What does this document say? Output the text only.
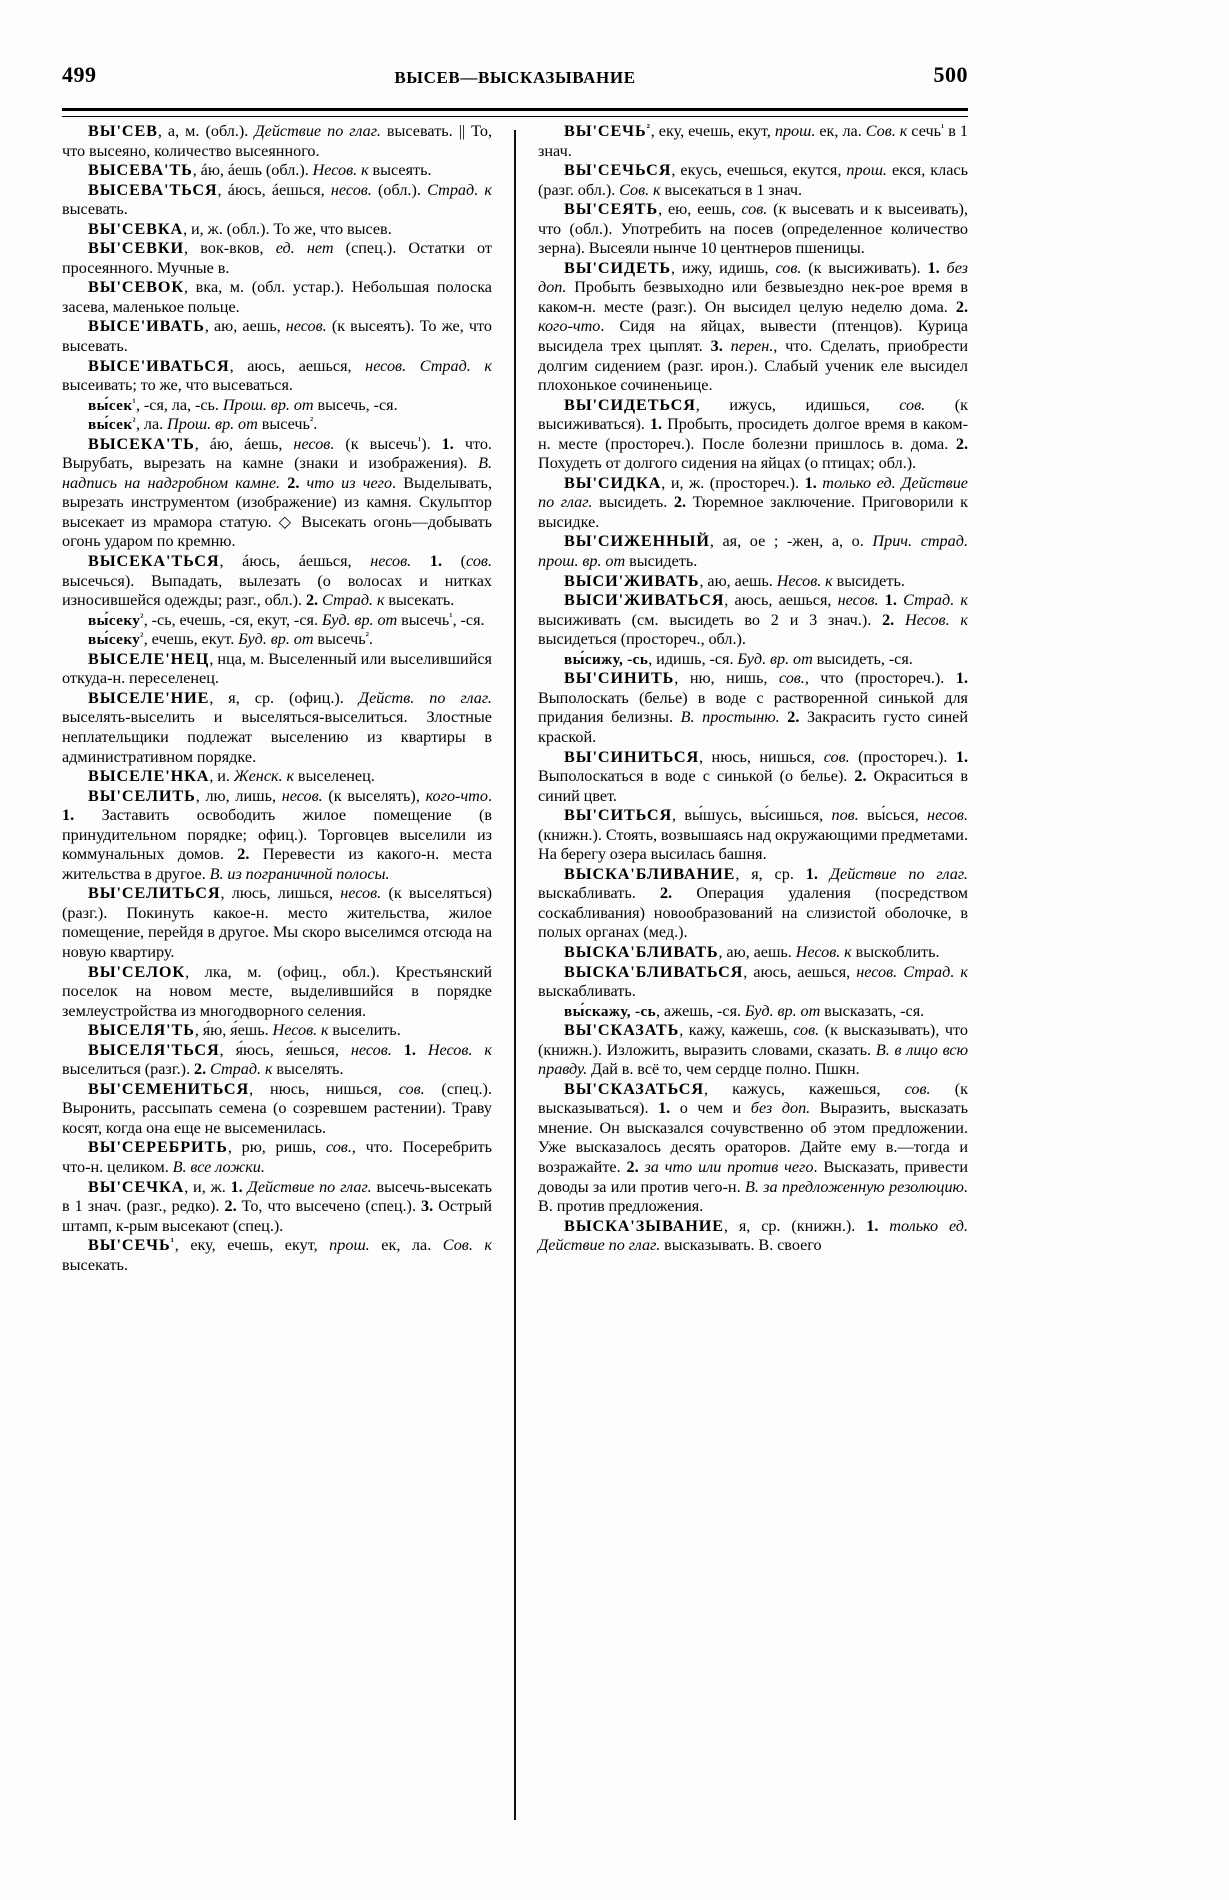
499	ВЫСЕВ—ВЫСКАЗЫВАНИЕ	500

ВЫ'СЕВ, а, м. (обл.). Действие по глаг. высевать. || То, что высеяно, количество высеянного.

ВЫСЕВА'ТЬ, áю, áешь (обл.). Несов. к высеять.

ВЫСЕВА'ТЬСЯ, áюсь, áешься, несов. (обл.). Страд. к высевать.

ВЫ'СЕВКА, и, ж. (обл.). То же, что высев.

ВЫ'СЕВКИ, вок-вков, ед. нет (спец.). Остатки от просеянного. Мучные в.

ВЫ'СЕВОК, вка, м. (обл. устар.). Небольшая полоска засева, маленькое польце.

ВЫСЕ'ИВАТЬ, аю, аешь, несов. (к высеять). То же, что высевать.

ВЫСЕ'ИВАТЬСЯ, аюсь, аешься, несов. Страд. к высеивать; то же, что высеваться.

вы́сек$^{^1}$, -ся, ла, -сь. Прош. вр. от высечь, -ся.

вы́сек$^{^2}$, ла. Прош. вр. от высечь$^{^2}$.

ВЫСЕКА'ТЬ, áю, áешь, несов. (к высечь$^{^1}$). 1. что. Вырубать, вырезать на камне (знаки и изображения). В. надпись на надгробном камне. 2. что из чего. Выделывать, вырезать инструментом (изображение) из камня. Скульптор высекает из мрамора статую. ◇ Высекать огонь—добывать огонь ударом по кремню.

ВЫСЕКА'ТЬСЯ, áюсь, áешься, несов. 1. (сов. высечься). Выпадать, вылезать (о волосах и нитках износившейся одежды; разг., обл.). 2. Страд. к высекать.

вы́секу$^{^2}$, -сь, ечешь, -ся, екут, -ся. Буд. вр. от высечь$^{^1}$, -ся.

вы́секу$^{^2}$, ечешь, екут. Буд. вр. от высечь$^{^2}$.

ВЫСЕЛЕ'НЕЦ, нца, м. Выселенный или выселившийся откуда-н. переселенец.

ВЫСЕЛЕ'НИЕ, я, ср. (офиц.). Действ. по глаг. выселять-выселить и выселяться-выселиться. Злостные неплательщики подлежат выселению из квартиры в административном порядке.

ВЫСЕЛЕ'НКА, и. Женск. к выселенец.

ВЫ'СЕЛИТЬ, лю, лишь, несов. (к выселять), кого-что. 1. Заставить освободить жилое помещение (в принудительном порядке; офиц.). Торговцев выселили из коммунальных домов. 2. Перевести из какого-н. места жительства в другое. В. из пограничной полосы.

ВЫ'СЕЛИТЬСЯ, люсь, лишься, несов. (к выселяться) (разг.). Покинуть какое-н. место жительства, жилое помещение, перейдя в другое. Мы скоро выселимся отсюда на новую квартиру.

ВЫ'СЕЛОК, лка, м. (офиц., обл.). Крестьянский поселок на новом месте, выделившийся в порядке землеустройства из многодворного селения.

ВЫСЕЛЯ'ТЬ, я́ю, я́ешь. Несов. к выселить.

ВЫСЕЛЯ'ТЬСЯ, я́юсь, я́ешься, несов. 1. Несов. к выселиться (разг.). 2. Страд. к выселять.

ВЫ'СЕМЕНИТЬСЯ, нюсь, нишься, сов. (спец.). Выронить, рассыпать семена (о созревшем растении). Траву косят, когда она еще не высеменилась.

ВЫ'СЕРЕБРИТЬ, рю, ришь, сов., что. Посеребрить что-н. целиком. В. все ложки.

ВЫ'СЕЧКА, и, ж. 1. Действие по глаг. высечь-высекать в 1 знач. (разг., редко). 2. То, что высечено (спец.). 3. Острый штамп, к-рым высекают (спец.).

$ВЫ'СЕЧЬ^{^1}$, еку, ечешь, екут, прош. ек, ла. Сов. к высекать.

$ВЫ'СЕЧЬ^{^2}$, еку, ечешь, екут, прош. ек, ла. Сов. к сечь$^{^1}$ в 1 знач.

ВЫ'СЕЧЬСЯ, екусь, ечешься, екутся, прош. екся, клась (разг. обл.). Сов. к высекаться в 1 знач.

ВЫ'СЕЯТЬ, ею, еешь, сов. (к высевать и к высеивать), что (обл.). Употребить на посев (определенное количество зерна). Высеяли нынче 10 центнеров пшеницы.

ВЫ'СИДЕТЬ, ижу, идишь, сов. (к высиживать). 1. без доп. Пробыть безвыходно или безвыездно нек-рое время в каком-н. месте (разг.). Он высидел целую неделю дома. 2. кого-что. Сидя на яйцах, вывести (птенцов). Курица высидела трех цыплят. 3. перен., что. Сделать, приобрести долгим сидением (разг. ирон.). Слабый ученик еле высидел плохонькое сочиненьице.

ВЫ'СИДЕТЬСЯ, ижусь, идишься, сов. (к высиживаться). 1. Пробыть, просидеть долгое время в каком-н. месте (простореч.). После болезни пришлось в. дома. 2. Похудеть от долгого сидения на яйцах (о птицах; обл.).

ВЫ'СИДКА, и, ж. (простореч.). 1. только ед. Действие по глаг. высидеть. 2. Тюремное заключение. Приговорили к высидке.

ВЫ'СИЖЕННЫЙ, ая, ое ; -жен, а, о. Прич. страд. прош. вр. от высидеть.

ВЫСИ'ЖИВАТЬ, аю, аешь. Несов. к высидеть.

ВЫСИ'ЖИВАТЬСЯ, аюсь, аешься, несов. 1. Страд. к высиживать (см. высидеть во 2 и 3 знач.). 2. Несов. к высидеться (простореч., обл.).

вы́сижу, -сь, идишь, -ся. Буд. вр. от высидеть, -ся.

ВЫ'СИНИТЬ, ню, нишь, сов., что (простореч.). 1. Выполоскать (белье) в воде с растворенной синькой для придания белизны. В. простыню. 2. Закрасить густо синей краской.

ВЫ'СИНИТЬСЯ, нюсь, нишься, сов. (простореч.). 1. Выполоскаться в воде с синькой (о белье). 2. Окраситься в синий цвет.

ВЫ'СИТЬСЯ, вы́шусь, вы́сишься, пов. вы́сься, несов. (книжн.). Стоять, возвышаясь над окружающими предметами. На берегу озера высилась башня.

ВЫСКА'БЛИВАНИЕ, я, ср. 1. Действие по глаг. выскабливать. 2. Операция удаления (посредством соскабливания) новообразований на слизистой оболочке, в полых органах (мед.).

ВЫСКА'БЛИВАТЬ, аю, аешь. Несов. к выскоблить.

ВЫСКА'БЛИВАТЬСЯ, аюсь, аешься, несов. Страд. к выскабливать.

вы́скажу, -сь, ажешь, -ся. Буд. вр. от высказать, -ся.

ВЫ'СКАЗАТЬ, кажу, кажешь, сов. (к высказывать), что (книжн.). Изложить, выразить словами, сказать. В. в лицо всю правду. Дай в. всё то, чем сердце полно. Пшкн.

ВЫ'СКАЗАТЬСЯ, кажусь, кажешься, сов. (к высказываться). 1. о чем и без доп. Выразить, высказать мнение. Он высказался сочувственно об этом предложении. Уже высказалось десять ораторов. Дайте ему в.—тогда и возражайте. 2. за что или против чего. Высказать, привести доводы за или против чего-н. В. за предложенную резолюцию. В. против предложения.

ВЫСКА'ЗЫВАНИЕ, я, ср. (книжн.). 1. только ед. Действие по глаг. высказывать. В. своего
